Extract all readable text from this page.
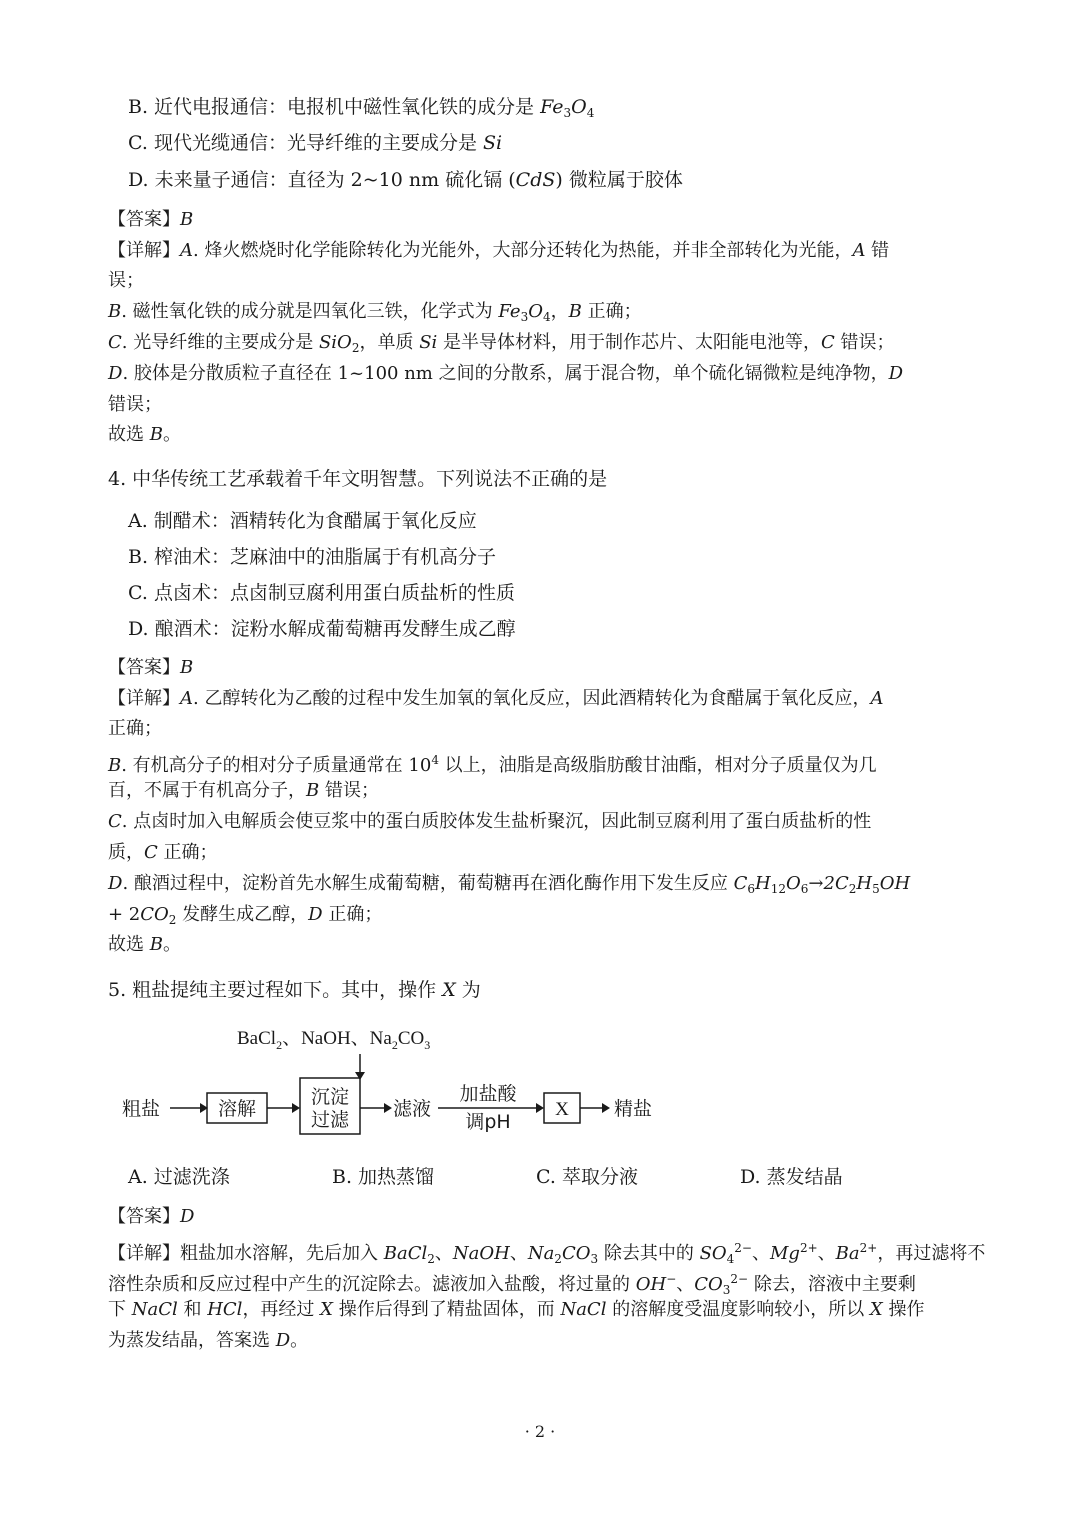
B. 近代电报通信：电报机中磁性氧化铁的成分是 $Fe_3O_4$
C. 现代光缆通信：光导纤维的主要成分是 Si
D. 未来量子通信：直径为 2~10 nm 硫化镉 (CdS) 微粒属于胶体
【答案】B
【详解】A. 烽火燃烧时化学能除转化为光能外，大部分还转化为热能，并非全部转化为光能，A 错
误；
B. 磁性氧化铁的成分就是四氧化三铁，化学式为 $Fe_3O_4$，B 正确；
C. 光导纤维的主要成分是 SiO$_2$，单质 Si 是半导体材料，用于制作芯片、太阳能电池等，C 错误；
D. 胶体是分散质粒子直径在 1~100 nm 之间的分散系，属于混合物，单个硫化镉微粒是纯净物，D
错误；
故选 B。
4. 中华传统工艺承载着千年文明智慧。下列说法不正确的是
A. 制醋术：酒精转化为食醋属于氧化反应
B. 榨油术：芝麻油中的油脂属于有机高分子
C. 点卤术：点卤制豆腐利用蛋白质盐析的性质
D. 酿酒术：淀粉水解成葡萄糖再发酵生成乙醇
【答案】B
【详解】A. 乙醇转化为乙酸的过程中发生加氧的氧化反应，因此酒精转化为食醋属于氧化反应，A
正确；
B. 有机高分子的相对分子质量通常在 $10^4$ 以上，油脂是高级脂肪酸甘油酯，相对分子质量仅为几
百，不属于有机高分子，B 错误；
C. 点卤时加入电解质会使豆浆中的蛋白质胶体发生盐析聚沉，因此制豆腐利用了蛋白质盐析的性
质，C 正确；
D. 酿酒过程中，淀粉首先水解生成葡萄糖，葡萄糖再在酒化酶作用下发生反应 $C_6H_{12}O_6\to 2C_2H_5OH$
+ $2CO_2$ 发酵生成乙醇，D 正确；
故选 B。
5. 粗盐提纯主要过程如下。其中，操作 X 为
BaCl$_2$、NaOH、$Na_2CO_3$
粗盐	溶解
沉淀
过滤 滤液
加盐酸
调pH
X 精盐
A. 过滤洗涤	B. 加热蒸馏	C. 萃取分液	D. 蒸发结晶
【答案】D
【详解】粗盐加水溶解，先后加入 BaCl$_2$、NaOH、$Na_2CO_3$ 除去其中的 $SO_4^{2-}$、$Mg^{2+}$、$Ba^{2+}$，再过滤将不
溶性杂质和反应过程中产生的沉淀除去。滤液加入盐酸，将过量的 OH−、$CO_3^{2-}$ 除去，溶液中主要剩
下 NaCl 和 HCl，再经过 X 操作后得到了精盐固体，而 NaCl 的溶解度受温度影响较小，所以 X 操作
为蒸发结晶，答案选 D。
· 2 ·
